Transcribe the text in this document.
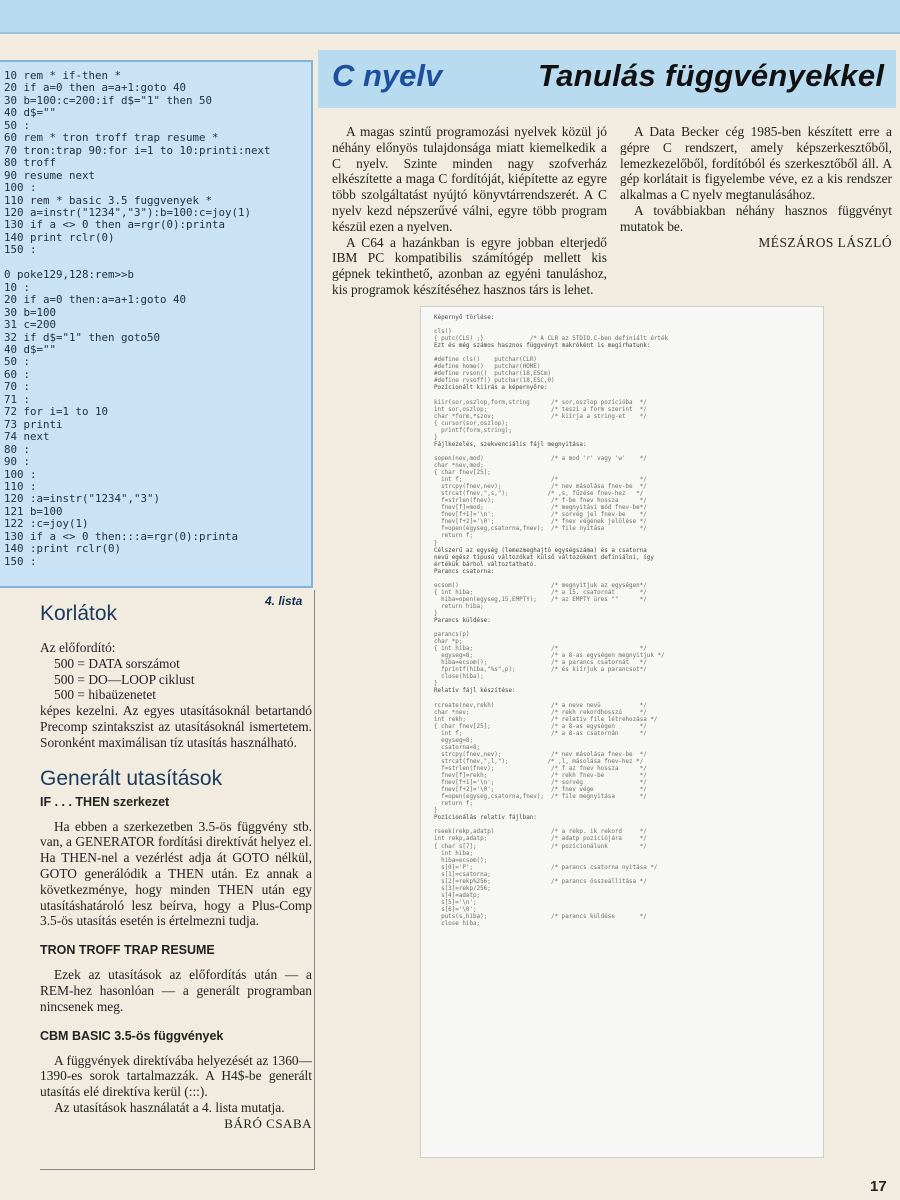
10 rem * if-then *
20 if a=0 then a=a+1:goto 40
30 b=100:c=200:if d$="1" then 50
40 d$=""
50 :
60 rem * tron troff trap resume *
70 tron:trap 90:for i=1 to 10:printi:next
80 troff
90 resume next
100 :
110 rem * basic 3.5 fuggvenyek *
120 a=instr("1234","3"):b=100:c=joy(1)
130 if a <> 0 then a=rgr(0):printa
140 print rclr(0)
150 :

0 poke129,128:rem>>b
10 :
20 if a=0 then:a=a+1:goto 40
30 b=100
31 c=200
32 if d$="1" then goto50
40 d$=""
50 :
60 :
70 :
71 :
72 for i=1 to 10
73 printi
74 next
80 :
90 :
100 :
110 :
120 :a=instr("1234","3")
121 b=100
122 :c=joy(1)
130 if a <> 0 then:::a=rgr(0):printa
140 :print rclr(0)
150 :
4. lista
Korlátok

Az előfordító:

500 = DATA sorszámot

500 = DO—LOOP ciklust

500 = hibaüzenetet

képes kezelni. Az egyes utasításoknál betartandó Precomp szintakszist az utasításoknál ismertetem. Soronként maximálisan tíz utasítás használható.

Generált utasítások
IF . . . THEN szerkezet

Ha ebben a szerkezetben 3.5-ös függvény stb. van, a GENERATOR fordítási direktívát helyez el. Ha THEN-nel a vezérlést adja át GOTO nélkül, GOTO generálódik a THEN után. Ez annak a következménye, hogy minden THEN után egy utasításhatároló lesz beírva, hogy a Plus-Comp 3.5-ös utasítás esetén is értelmezni tudja.

TRON TROFF TRAP RESUME

Ezek az utasítások az előfordítás után — a REM-hez hasonlóan — a generált programban nincsenek meg.

CBM BASIC 3.5-ös függvények

A függvények direktívába helyezését az 1360—1390-es sorok tartalmazzák. A H4$-be generált utasítás elé direktíva kerül (:::).

Az utasítások használatát a 4. lista mutatja.

BÁRÓ CSABA

C nyelv	Tanulás függvényekkel

A magas szintű programozási nyelvek közül jó néhány előnyös tulajdonsága miatt kiemelkedik a C nyelv. Szinte minden nagy szofverház elkészítette a maga C fordítóját, kiépítette az egyre több szolgáltatást nyújtó könyvtárrendszerét. A C nyelv kezd népszerűvé válni, egyre több program készül ezen a nyelven.

A C64 a hazánkban is egyre jobban elterjedő IBM PC kompatibilis számítógép mellett kis gépnek tekinthető, azonban az egyéni tanuláshoz, kis programok készítéséhez hasznos társ is lehet.

A Data Becker cég 1985-ben készített erre a gépre C rendszert, amely képszerkesztőből, lemezkezelőből, fordítóból és szerkesztőből áll. A gép korlátait is figyelembe véve, ez a kis rendszer alkalmas a C nyelv megtanulásához.

A továbbiakban néhány hasznos függvényt mutatok be.

MÉSZÁROS LÁSZLÓ

Képernyő törlése:

cls()
{ putc(CLS) ;}             /* A CLR az STDIO.C-ben definiált érték

Ezt és még számos hasznos függvényt makróként is megírhatunk:

#define cls()    putchar(CLR)
#define home()   putchar(HOME)
#define rvson()  putchar(18,ESCm)
#define rvsoff() putchar(18,ESC,0)

Pozícionált kiírás a képernyőre:

kiir(sor,oszlop,form,string      /* sor,oszlop pozícióba  */
int sor,oszlop;                  /* teszi a form szerint  */
char *form,*szov;                /* kiírja a string-et    */
{ cursor(sor,oszlop);
printf(form,string);
}

Fájlkezelés, szekvenciális fájl megnyitása:

sopen(nev,mod)                   /* a mod 'r' vagy 'w'    */
char *nev,mod;
{ char fnev[25];
int f;                         /*                       */
strcpy(fnev,nev);              /* nev másolása fnev-be  */
strcat(fnev,",s,");           /* ,s, fűzése fnev-hez   */
f=strlen(fnev);                /* f-be fnev hossza      */
fnev[f]=mod;                   /* megnyitási mód fnev-be*/
fnev[f+1]='\n';                /* sorvég jel fnev-be    */
fnev[f+2]='\0';                /* fnev végének jelölése */
f=open(egyseg,csatorna,fnev);  /* file nyitása          */
return f;
}

Célszerű az egység (lemezmeghajtó egységszáma) és a csatorna
nevű egész típusú változókat külső változóként definiálni, így
értékük bárhol változtatható.
Parancs csatorna:

ecsom()                          /* megnyitjuk az egységen*/
{ int hiba;                      /* a 15. csatornát       */
hiba=open(egyseg,15,EMPTY);    /* az EMPTY üres ""      */
return hiba;
}

Parancs küldése:

parancs(p)
char *p;
{ int hiba;                      /*                       */
egyseg=8;                      /* a 8-as egységen megnyitjuk */
hiba=ecsom();                  /* a parancs csatornát   */
fprintf(hiba,"%s",p);          /* és kiírjuk a parancsot*/
close(hiba);
}

Relatív fájl készítése:

rcreate(nev,rekh)                /* a neve nevü           */
char *nev;                       /* rekh rekordhosszú     */
int rekh;                        /* relatív file létrehozása */
{ char fnev[25];                 /* a 8-as egységen       */
int f;                         /* a 8-as csatornán      */
egyseg=8;
csatorna=8;
strcpy(fnev,nev);              /* nev másolása fnev-be  */
strcat(fnev,",l,");           /* ,l, másolása fnev-hez */
f=strlen(fnev);                /* f az fnev hossza      */
fnev[f]=rekh;                  /* rekh fnev-be          */
fnev[f+1]='\n';                /* sorvég                */
fnev[f+2]='\0';                /* fnev vége             */
f=open(egyseg,csatorna,fnev);  /* file megnyitása       */
return f;
}

Pozícionálás relatív fájlban:

rseek(rekp,adatp)                /* a rekp. ik rekord     */
int rekp,adatp;                  /* adatp pozíciójára     */
{ char s[7];                     /* pozícionálunk         */
int hiba;
hiba=ecsom();
s[0]='P';                      /* parancs csatorna nyitása */
s[1]=csatorna;
s[2]=rekp%256;                 /* parancs összeállítása */
s[3]=rekp/256;
s[4]=adatp;
s[5]='\n';
s[6]='\0';
puts(s,hiba);                  /* parancs küldése       */
close hiba;
17
